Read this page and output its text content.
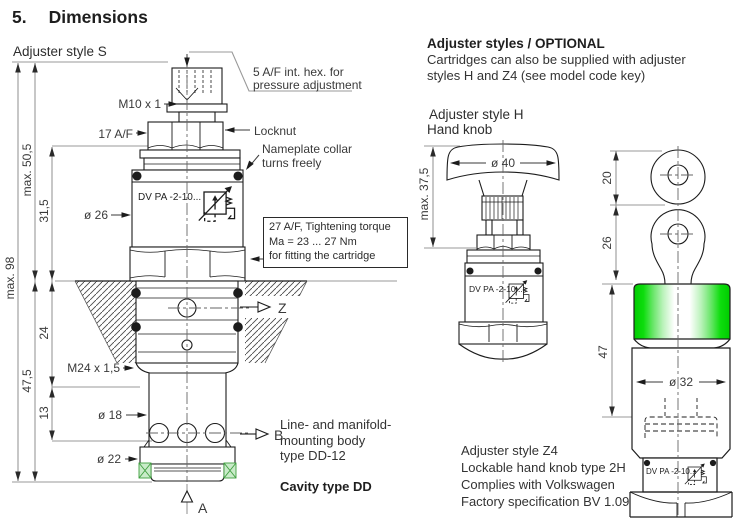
5 A/F int. hex. for
pressure adjustment
M10 x 1
17 A/F	Locknut
Nameplate collar
turns freely
DV PA -2-10...
ø 26
M24 x 1,5
ø 18
ø 22
max. 98
max. 50,5
31,5
24
47,5
13
Z
B
A
ø 40
max. 37,5
DV PA -2-10...
20
26
47
ø 32
DV PA -2-10...
5. Dimensions
Adjuster style S
27 A/F, Tightening torque
Ma = 23 ... 27 Nm
for fitting the cartridge
Line- and manifold-
mounting body
type DD-12
Cavity type DD
Adjuster styles / OPTIONAL
Cartridges can also be supplied with adjuster
styles H and Z4 (see model code key)
Adjuster style H
Hand knob
Adjuster style Z4
Lockable hand knob type 2H
Complies with Volkswagen
Factory specification BV 1.09
